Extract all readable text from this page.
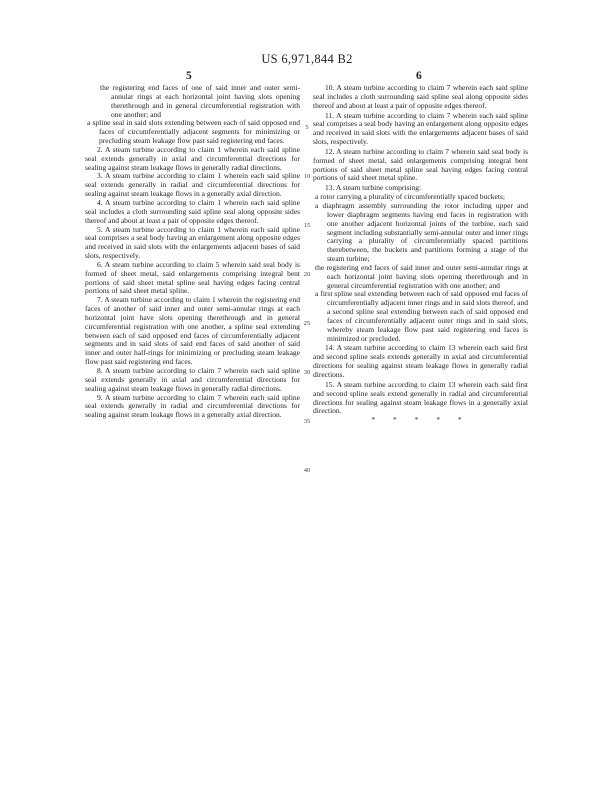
US 6,971,844 B2
5	6

the registering end faces of one of said inner and outer semi-annular rings at each horizontal joint having slots opening therethrough and in general circumferential registration with one another; and

a spline seal in said slots extending between each of said opposed end faces of circumferentially adjacent segments for minimizing or precluding steam leakage flow past said registering end faces.

2. A steam turbine according to claim 1 wherein each said spline seal extends generally in axial and circumferential directions for sealing against steam leakage flows in generally radial directions.

3. A steam turbine according to claim 1 wherein each said spline seal extends generally in radial and circumferential directions for sealing against steam leakage flows in a generally axial direction.

4. A steam turbine according to claim 1 wherein each said spline seal includes a cloth surrounding said spline seal along opposite sides thereof and about at least a pair of opposite edges thereof.

5. A steam turbine according to claim 1 wherein each said spline seal comprises a seal body having an enlargement along opposite edges and received in said slots with the enlargements adjacent bases of said slots, respectively.

6. A steam turbine according to claim 5 wherein said seal body is formed of sheet metal, said enlargements comprising integral bent portions of said sheet metal spline seal having edges facing central portions of said sheet metal spline.

7. A steam turbine according to claim 1 wherein the registering end faces of another of said inner and outer semi-annular rings at each horizontal joint have slots opening therethrough and in general circumferential registration with one another, a spline seal extending between each of said opposed end faces of circumferentially adjacent segments and in said slots of said end faces of said another of said inner and outer half-rings for minimizing or precluding steam leakage flow past said registering end faces.

8. A steam turbine according to claim 7 wherein each said spline seal extends generally in axial and circumferential directions for sealing against steam leakage flows in generally radial directions.

9. A steam turbine according to claim 7 wherein each said spline seal extends generally in radial and circumferential directions for sealing against steam leakage flows in a generally axial direction.

5
10
15
20
25
30
35
40

10. A steam turbine according to claim 7 wherein each said spline seal includes a cloth surrounding said spline seal along opposite sides thereof and about at least a pair of opposite edges thereof.

11. A steam turbine according to claim 7 wherein each said spline seal comprises a seal body having an enlargement along opposite edges and received in said slots with the enlargements adjacent bases of said slots, respectively.

12. A steam turbine according to claim 7 wherein said seal body is formed of sheet metal, said enlargements comprising integral bent portions of said sheet metal spline seal having edges facing central portions of said sheet metal spline.

13. A steam turbine comprising:

a rotor carrying a plurality of circumferentially spaced buckets;

a diaphragm assembly surrounding the rotor including upper and lower diaphragm segments having end faces in registration with one another adjacent horizontal joints of the turbine, each said segment including substantially semi-annular outer and inner rings carrying a plurality of circumferentially spaced partitions therebetween, the buckets and partitions forming a stage of the steam turbine;

the registering end faces of said inner and outer semi-annular rings at each horizontal joint having slots opening therethrough and in general circumferential registration with one another; and

a first spline seal extending between each of said opposed end faces of circumferentially adjacent inner rings and in said slots thereof, and a second spline seal extending between each of said opposed end faces of circumferentially adjacent outer rings and in said slots, whereby steam leakage flow past said registering end faces is minimized or precluded.

14. A steam turbine according to claim 13 wherein each said first and second spline seals extends generally in axial and circumferential directions for sealing against steam leakage flows in generally radial directions.

15. A steam turbine according to claim 13 wherein each said first and second spline seals extend generally in radial and circumferential directions for sealing against steam leakage flows in a generally axial direction.

* * * * *
